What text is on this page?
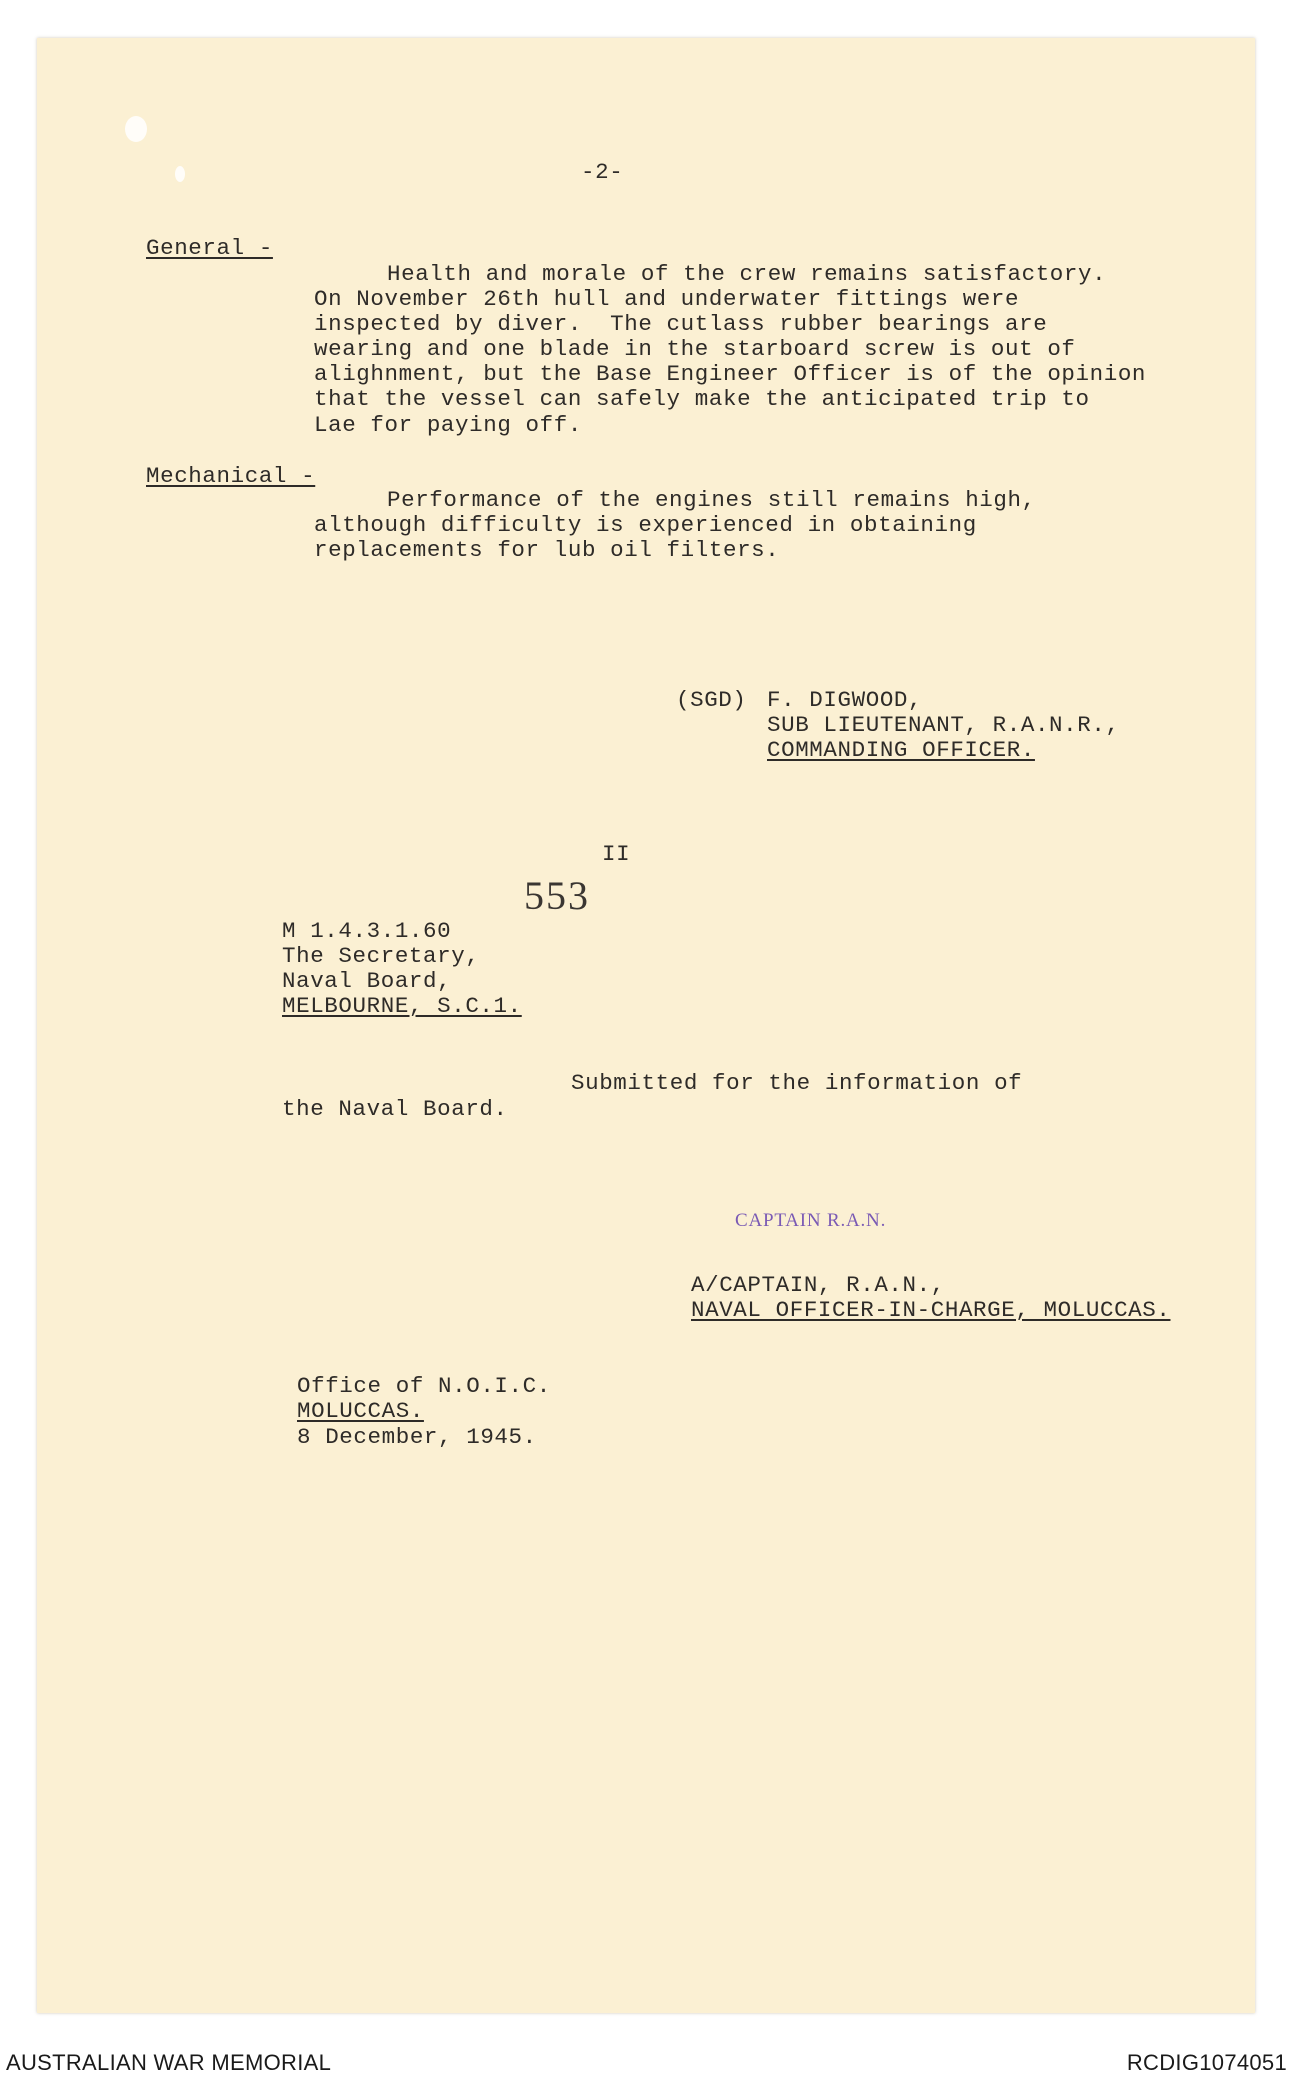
-2-
General -
Health and morale of the crew remains satisfactory.
On November 26th hull and underwater fittings were
inspected by diver.  The cutlass rubber bearings are
wearing and one blade in the starboard screw is out of
alighnment, but the Base Engineer Officer is of the opinion
that the vessel can safely make the anticipated trip to
Lae for paying off.
Mechanical -
Performance of the engines still remains high,
although difficulty is experienced in obtaining
replacements for lub oil filters.
(SGD) F. DIGWOOD,
SUB LIEUTENANT, R.A.N.R.,
COMMANDING OFFICER.
II
553
M 1.4.3.1.60
The Secretary,
Naval Board,
MELBOURNE, S.C.1.
Submitted for the information of
the Naval Board.
CAPTAIN R.A.N.
A/CAPTAIN, R.A.N.,
NAVAL OFFICER-IN-CHARGE, MOLUCCAS.
Office of N.O.I.C.
MOLUCCAS.
8 December, 1945.
AUSTRALIAN WAR MEMORIAL	RCDIG1074051
